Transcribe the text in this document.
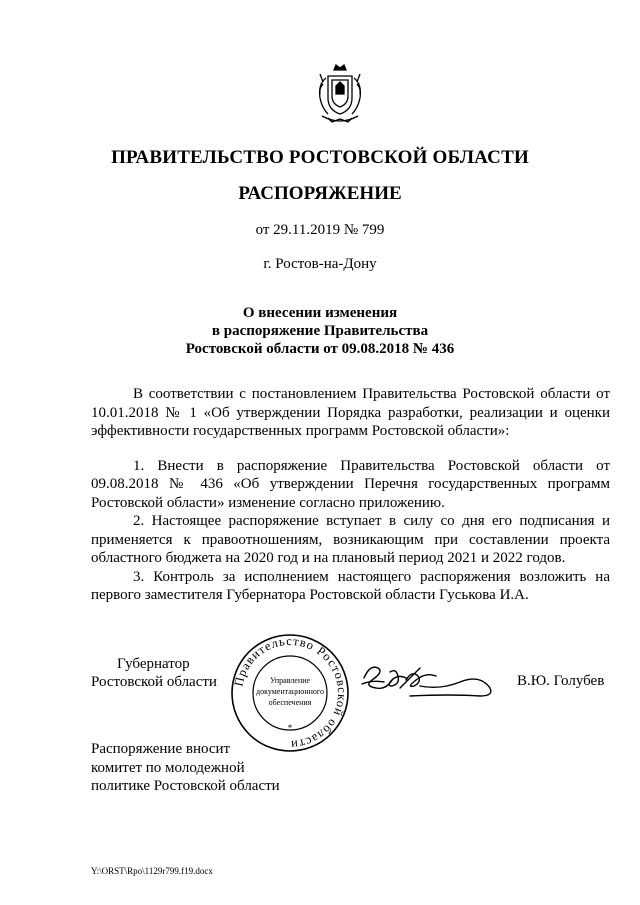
ПРАВИТЕЛЬСТВО РОСТОВСКОЙ ОБЛАСТИ
РАСПОРЯЖЕНИЕ
от 29.11.2019 № 799
г. Ростов-на-Дону
О внесении изменения
в распоряжение Правительства
Ростовской области от 09.08.2018 № 436
В соответствии с постановлением Правительства Ростовской области от 10.01.2018 № 1 «Об утверждении Порядка разработки, реализации и оценки эффективности государственных программ Ростовской области»:
1. Внести в распоряжение Правительства Ростовской области от 09.08.2018 № 436 «Об утверждении Перечня государственных программ Ростовской области» изменение согласно приложению.
2. Настоящее распоряжение вступает в силу со дня его подписания и применяется к правоотношениям, возникающим при составлении проекта областного бюджета на 2020 год и на плановый период 2021 и 2022 годов.
3. Контроль за исполнением настоящего распоряжения возложить на первого заместителя Губернатора Ростовской области Гуськова И.А.
Губернатор
Ростовской области Правительство Ростовской области
*
Управление
документационного
обеспечения
В.Ю. Голубев
Распоряжение вносит
комитет по молодежной
политике Ростовской области
Y:\ORST\Rpo\1129r799.f19.docx
